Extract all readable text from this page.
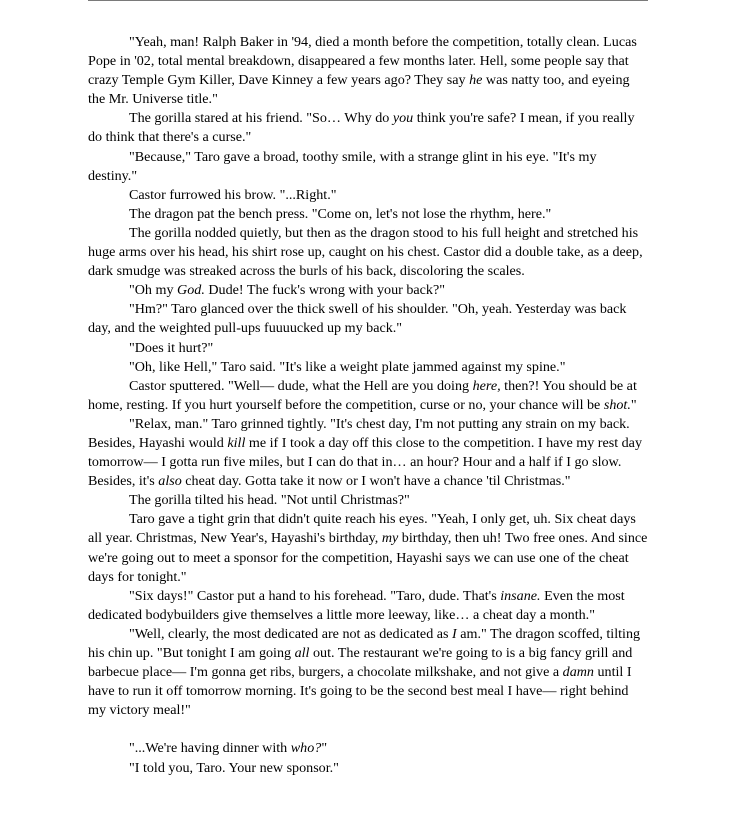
"Yeah, man! Ralph Baker in '94, died a month before the competition, totally clean. Lucas Pope in '02, total mental breakdown, disappeared a few months later. Hell, some people say that crazy Temple Gym Killer, Dave Kinney a few years ago? They say he was natty too, and eyeing the Mr. Universe title."

The gorilla stared at his friend. "So… Why do you think you're safe? I mean, if you really do think that there's a curse."

"Because," Taro gave a broad, toothy smile, with a strange glint in his eye. "It's my destiny."

Castor furrowed his brow. "...Right."

The dragon pat the bench press. "Come on, let's not lose the rhythm, here."

The gorilla nodded quietly, but then as the dragon stood to his full height and stretched his huge arms over his head, his shirt rose up, caught on his chest. Castor did a double take, as a deep, dark smudge was streaked across the burls of his back, discoloring the scales.

"Oh my God. Dude! The fuck's wrong with your back?"

"Hm?" Taro glanced over the thick swell of his shoulder. "Oh, yeah. Yesterday was back day, and the weighted pull-ups fuuuucked up my back."

"Does it hurt?"

"Oh, like Hell," Taro said. "It's like a weight plate jammed against my spine."

Castor sputtered. "Well— dude, what the Hell are you doing here, then?! You should be at home, resting. If you hurt yourself before the competition, curse or no, your chance will be shot."

"Relax, man." Taro grinned tightly. "It's chest day, I'm not putting any strain on my back. Besides, Hayashi would kill me if I took a day off this close to the competition. I have my rest day tomorrow— I gotta run five miles, but I can do that in… an hour? Hour and a half if I go slow. Besides, it's also cheat day. Gotta take it now or I won't have a chance 'til Christmas."

The gorilla tilted his head. "Not until Christmas?"

Taro gave a tight grin that didn't quite reach his eyes. "Yeah, I only get, uh. Six cheat days all year. Christmas, New Year's, Hayashi's birthday, my birthday, then uh! Two free ones. And since we're going out to meet a sponsor for the competition, Hayashi says we can use one of the cheat days for tonight."

"Six days!" Castor put a hand to his forehead. "Taro, dude. That's insane. Even the most dedicated bodybuilders give themselves a little more leeway, like… a cheat day a month."

"Well, clearly, the most dedicated are not as dedicated as I am." The dragon scoffed, tilting his chin up. "But tonight I am going all out. The restaurant we're going to is a big fancy grill and barbecue place— I'm gonna get ribs, burgers, a chocolate milkshake, and not give a damn until I have to run it off tomorrow morning. It's going to be the second best meal I have— right behind my victory meal!"

"...We're having dinner with who?"

"I told you, Taro. Your new sponsor."
